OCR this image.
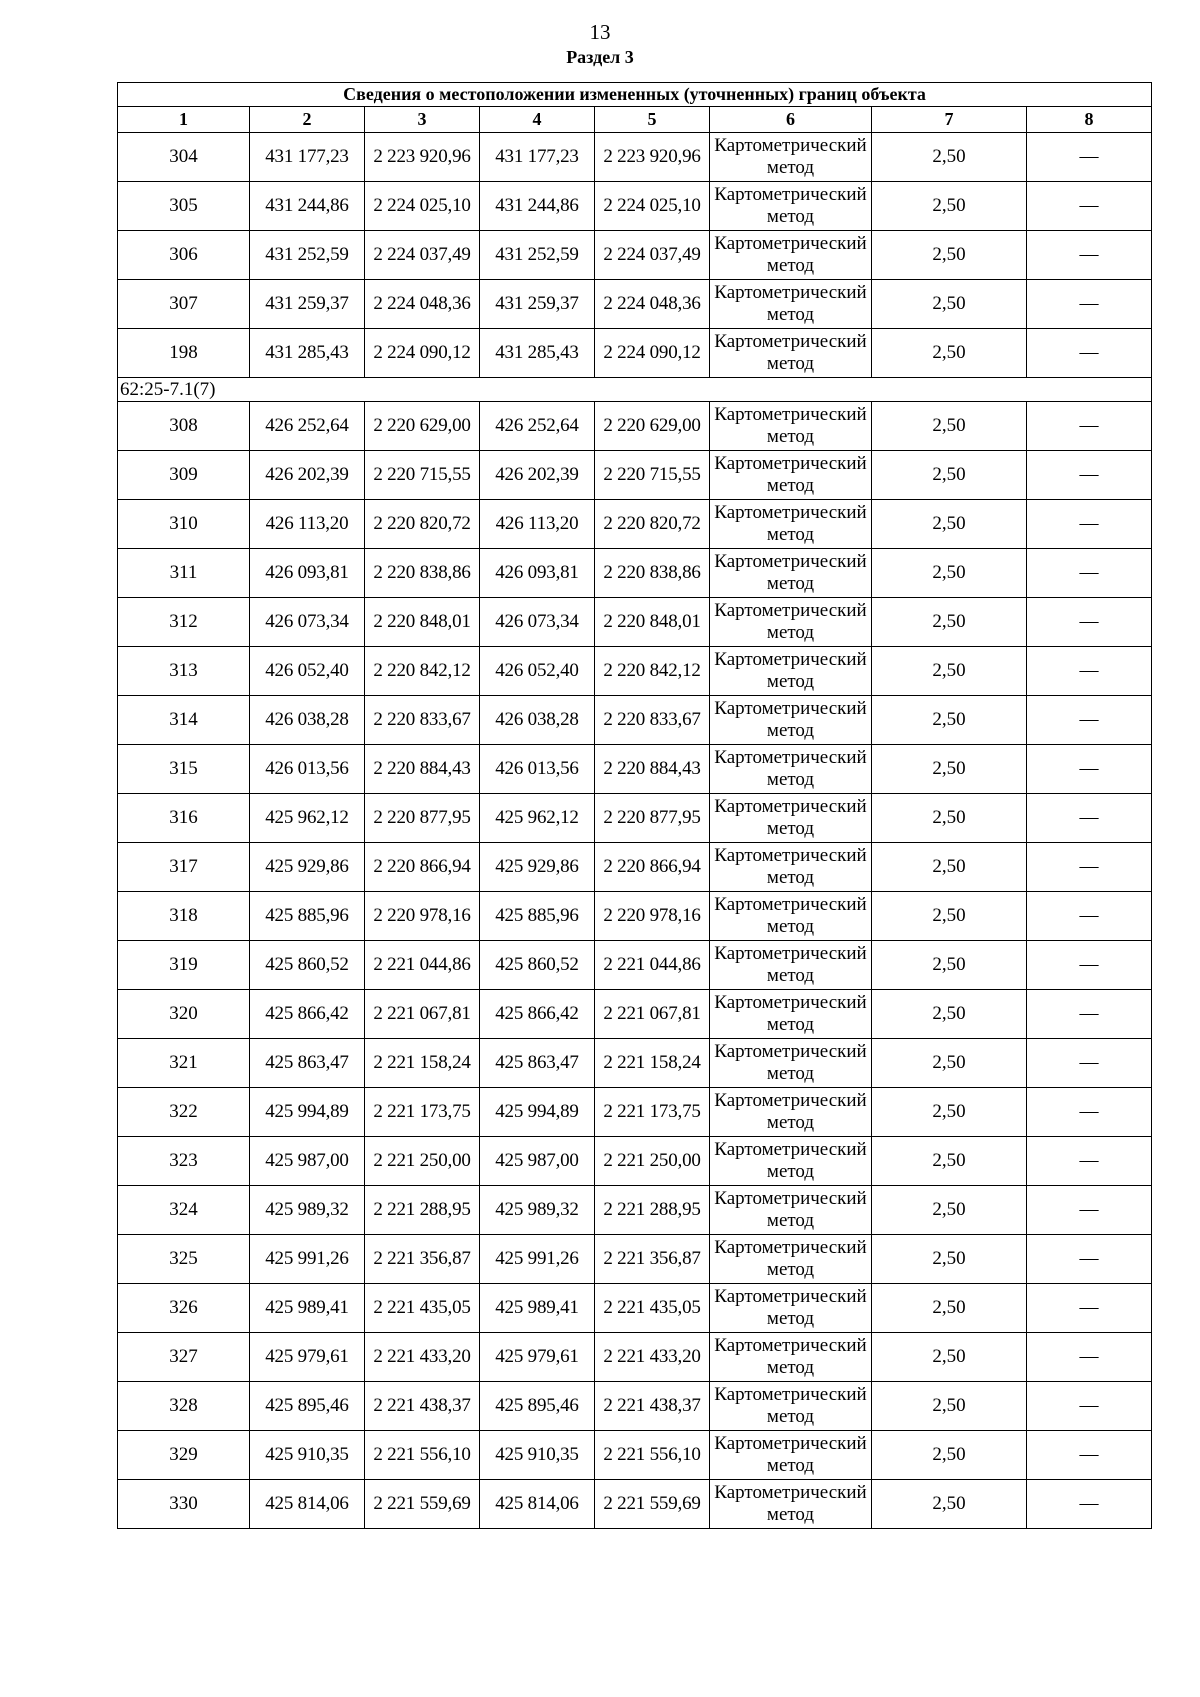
13
Раздел 3
Сведения о местоположении измененных (уточненных) границ объекта							
1	2	3	4	5	6	7	8
304	431 177,23	2 223 920,96	431 177,23	2 223 920,96	Картометрический метод	2,50	—
305	431 244,86	2 224 025,10	431 244,86	2 224 025,10	Картометрический метод	2,50	—
306	431 252,59	2 224 037,49	431 252,59	2 224 037,49	Картометрический метод	2,50	—
307	431 259,37	2 224 048,36	431 259,37	2 224 048,36	Картометрический метод	2,50	—
198	431 285,43	2 224 090,12	431 285,43	2 224 090,12	Картометрический метод	2,50	—
62:25-7.1(7)							
308	426 252,64	2 220 629,00	426 252,64	2 220 629,00	Картометрический метод	2,50	—
309	426 202,39	2 220 715,55	426 202,39	2 220 715,55	Картометрический метод	2,50	—
310	426 113,20	2 220 820,72	426 113,20	2 220 820,72	Картометрический метод	2,50	—
311	426 093,81	2 220 838,86	426 093,81	2 220 838,86	Картометрический метод	2,50	—
312	426 073,34	2 220 848,01	426 073,34	2 220 848,01	Картометрический метод	2,50	—
313	426 052,40	2 220 842,12	426 052,40	2 220 842,12	Картометрический метод	2,50	—
314	426 038,28	2 220 833,67	426 038,28	2 220 833,67	Картометрический метод	2,50	—
315	426 013,56	2 220 884,43	426 013,56	2 220 884,43	Картометрический метод	2,50	—
316	425 962,12	2 220 877,95	425 962,12	2 220 877,95	Картометрический метод	2,50	—
317	425 929,86	2 220 866,94	425 929,86	2 220 866,94	Картометрический метод	2,50	—
318	425 885,96	2 220 978,16	425 885,96	2 220 978,16	Картометрический метод	2,50	—
319	425 860,52	2 221 044,86	425 860,52	2 221 044,86	Картометрический метод	2,50	—
320	425 866,42	2 221 067,81	425 866,42	2 221 067,81	Картометрический метод	2,50	—
321	425 863,47	2 221 158,24	425 863,47	2 221 158,24	Картометрический метод	2,50	—
322	425 994,89	2 221 173,75	425 994,89	2 221 173,75	Картометрический метод	2,50	—
323	425 987,00	2 221 250,00	425 987,00	2 221 250,00	Картометрический метод	2,50	—
324	425 989,32	2 221 288,95	425 989,32	2 221 288,95	Картометрический метод	2,50	—
325	425 991,26	2 221 356,87	425 991,26	2 221 356,87	Картометрический метод	2,50	—
326	425 989,41	2 221 435,05	425 989,41	2 221 435,05	Картометрический метод	2,50	—
327	425 979,61	2 221 433,20	425 979,61	2 221 433,20	Картометрический метод	2,50	—
328	425 895,46	2 221 438,37	425 895,46	2 221 438,37	Картометрический метод	2,50	—
329	425 910,35	2 221 556,10	425 910,35	2 221 556,10	Картометрический метод	2,50	—
330	425 814,06	2 221 559,69	425 814,06	2 221 559,69	Картометрический метод	2,50	—
